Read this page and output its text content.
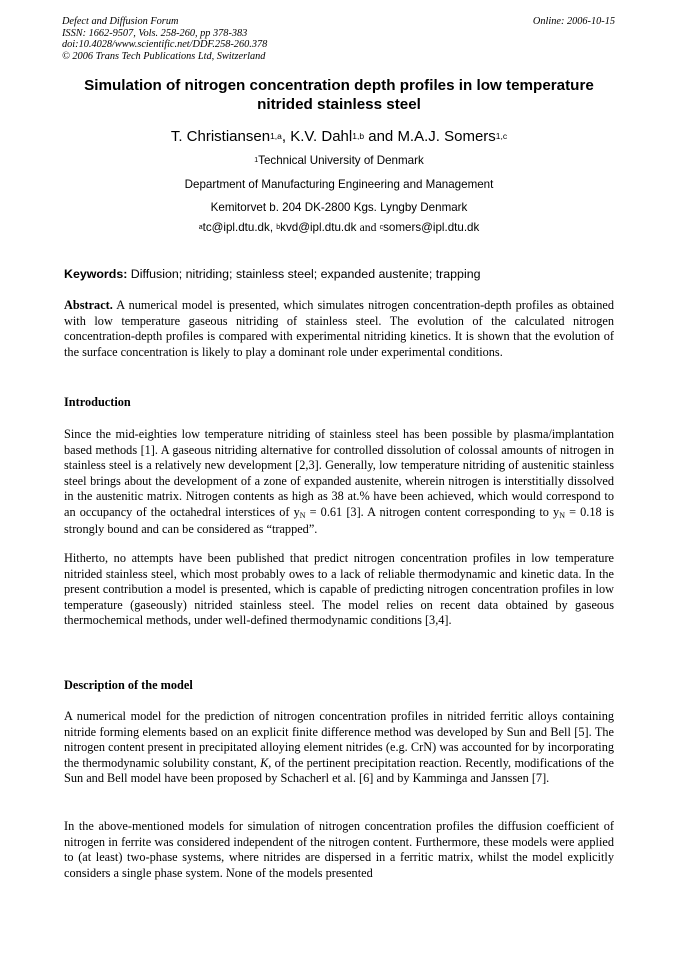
Defect and Diffusion Forum
ISSN: 1662-9507, Vols. 258-260, pp 378-383
doi:10.4028/www.scientific.net/DDF.258-260.378
© 2006 Trans Tech Publications Ltd, Switzerland
Online: 2006-10-15
Simulation of nitrogen concentration depth profiles in low temperature
nitrided stainless steel
T. Christiansen$^{1,a}$, K.V. Dahl$^{1,b}$ and M.A.J. Somers$^{1,c}$
$^1$Technical University of Denmark
Department of Manufacturing Engineering and Management
Kemitorvet b. 204 DK-2800 Kgs. Lyngby Denmark
$^a$tc@ipl.dtu.dk, $^b$kvd@ipl.dtu.dk and $^c$somers@ipl.dtu.dk
Keywords: Diffusion; nitriding; stainless steel; expanded austenite; trapping
Abstract. A numerical model is presented, which simulates nitrogen concentration-depth profiles as obtained with low temperature gaseous nitriding of stainless steel. The evolution of the calculated nitrogen concentration-depth profiles is compared with experimental nitriding kinetics. It is shown that the evolution of the surface concentration is likely to play a dominant role under experimental conditions.
Introduction
Since the mid-eighties low temperature nitriding of stainless steel has been possible by plasma/implantation based methods [1]. A gaseous nitriding alternative for controlled dissolution of colossal amounts of nitrogen in stainless steel is a relatively new development [2,3]. Generally, low temperature nitriding of austenitic stainless steel brings about the development of a zone of expanded austenite, wherein nitrogen is interstitially dissolved in the austenitic matrix. Nitrogen contents as high as 38 at.% have been achieved, which would correspond to an occupancy of the octahedral interstices of $y_N = 0.61$ [3]. A nitrogen content corresponding to $y_N = 0.18$ is strongly bound and can be considered as “trapped”.
Hitherto, no attempts have been published that predict nitrogen concentration profiles in low temperature nitrided stainless steel, which most probably owes to a lack of reliable thermodynamic and kinetic data. In the present contribution a model is presented, which is capable of predicting nitrogen concentration profiles in low temperature (gaseously) nitrided stainless steel. The model relies on recent data obtained by gaseous thermochemical methods, under well-defined thermodynamic conditions [3,4].
Description of the model
A numerical model for the prediction of nitrogen concentration profiles in nitrided ferritic alloys containing nitride forming elements based on an explicit finite difference method was developed by Sun and Bell [5]. The nitrogen content present in precipitated alloying element nitrides (e.g. CrN) was accounted for by incorporating the thermodynamic solubility constant, K, of the pertinent precipitation reaction. Recently, modifications of the Sun and Bell model have been proposed by Schacherl et al. [6] and by Kamminga and Janssen [7].
In the above-mentioned models for simulation of nitrogen concentration profiles the diffusion coefficient of nitrogen in ferrite was considered independent of the nitrogen content. Furthermore, these models were applied to (at least) two-phase systems, where nitrides are dispersed in a ferritic matrix, whilst the model explicitly considers a single phase system. None of the models presented
